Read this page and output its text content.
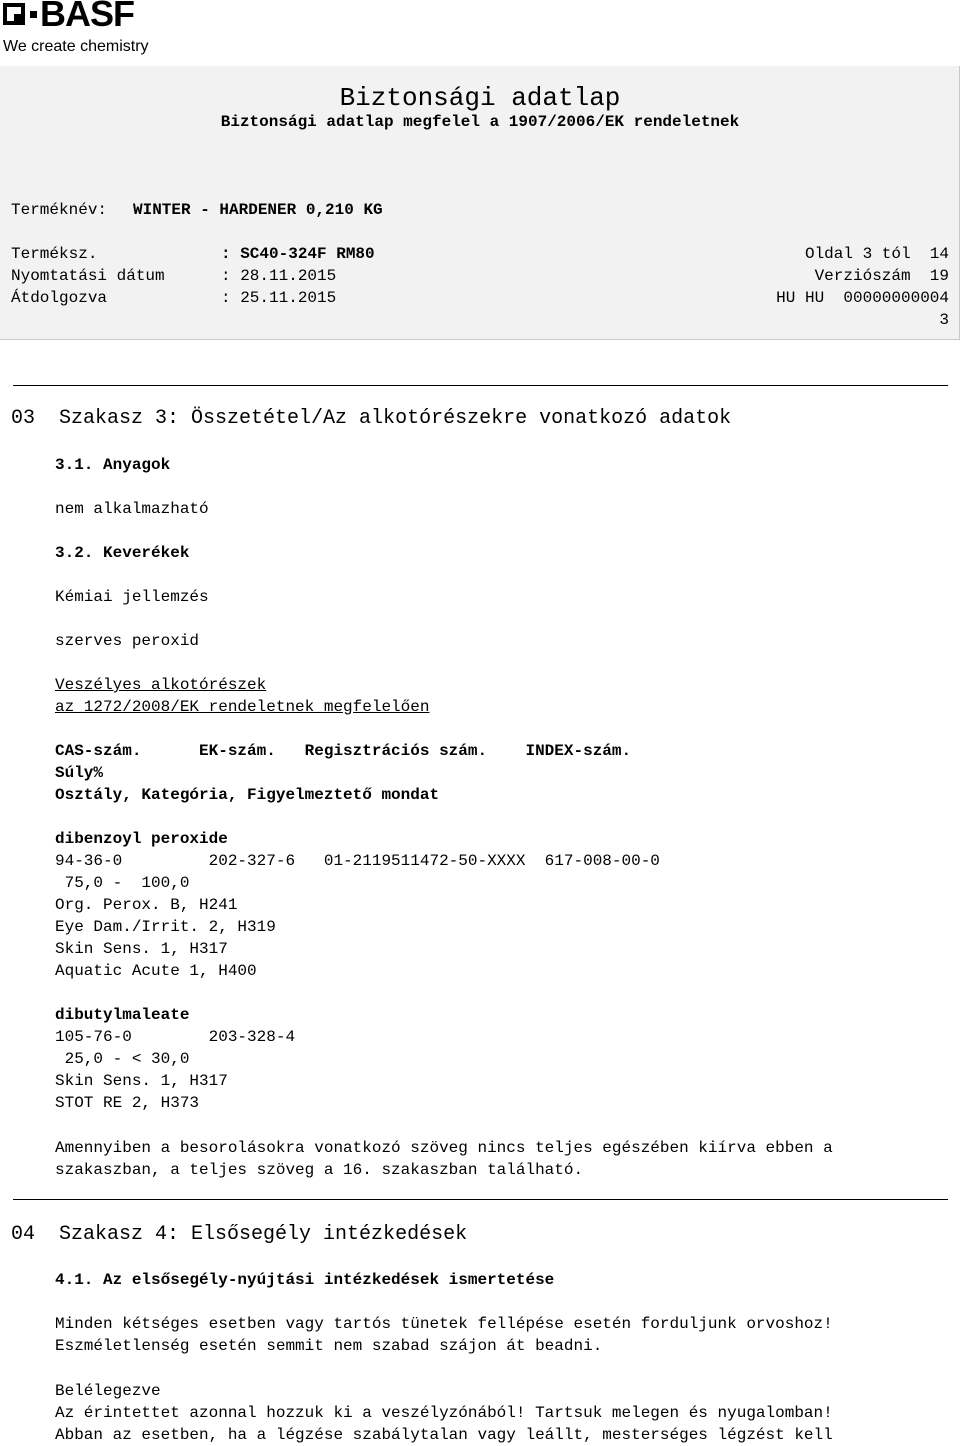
BASF
We create chemistry
Biztonsági adatlap
Biztonsági adatlap megfelel a 1907/2006/EK rendeletnek
Terméknév: WINTER - HARDENER 0,210 KG
Terméksz.	: SC40-324F RM80
Nyomtatási dátum	: 28.11.2015
Átdolgozva	: 25.11.2015
Oldal 3 tól  14
Verziószám  19
HU HU  00000000004
3
03  Szakasz 3: Összetétel/Az alkotórészekre vonatkozó adatok
3.1. Anyagok
nem alkalmazható
3.2. Keverékek
Kémiai jellemzés
szerves peroxid
Veszélyes alkotórészek
az 1272/2008/EK rendeletnek megfelelően
CAS-szám.      EK-szám.   Regisztrációs szám.    INDEX-szám.
Súly%
Osztály, Kategória, Figyelmeztető mondat
dibenzoyl peroxide
94-36-0         202-327-6   01-2119511472-50-XXXX  617-008-00-0
75,0 -  100,0
Org. Perox. B, H241
Eye Dam./Irrit. 2, H319
Skin Sens. 1, H317
Aquatic Acute 1, H400
dibutylmaleate
105-76-0        203-328-4
25,0 - < 30,0
Skin Sens. 1, H317
STOT RE 2, H373
Amennyiben a besorolásokra vonatkozó szöveg nincs teljes egészében kiírva ebben a
szakaszban, a teljes szöveg a 16. szakaszban található.
04  Szakasz 4: Elsősegély intézkedések
4.1. Az elsősegély-nyújtási intézkedések ismertetése
Minden kétséges esetben vagy tartós tünetek fellépése esetén forduljunk orvoshoz!
Eszméletlenség esetén semmit nem szabad szájon át beadni.
Belélegezve
Az érintettet azonnal hozzuk ki a veszélyzónából! Tartsuk melegen és nyugalomban!
Abban az esetben, ha a légzése szabálytalan vagy leállt, mesterséges légzést kell
